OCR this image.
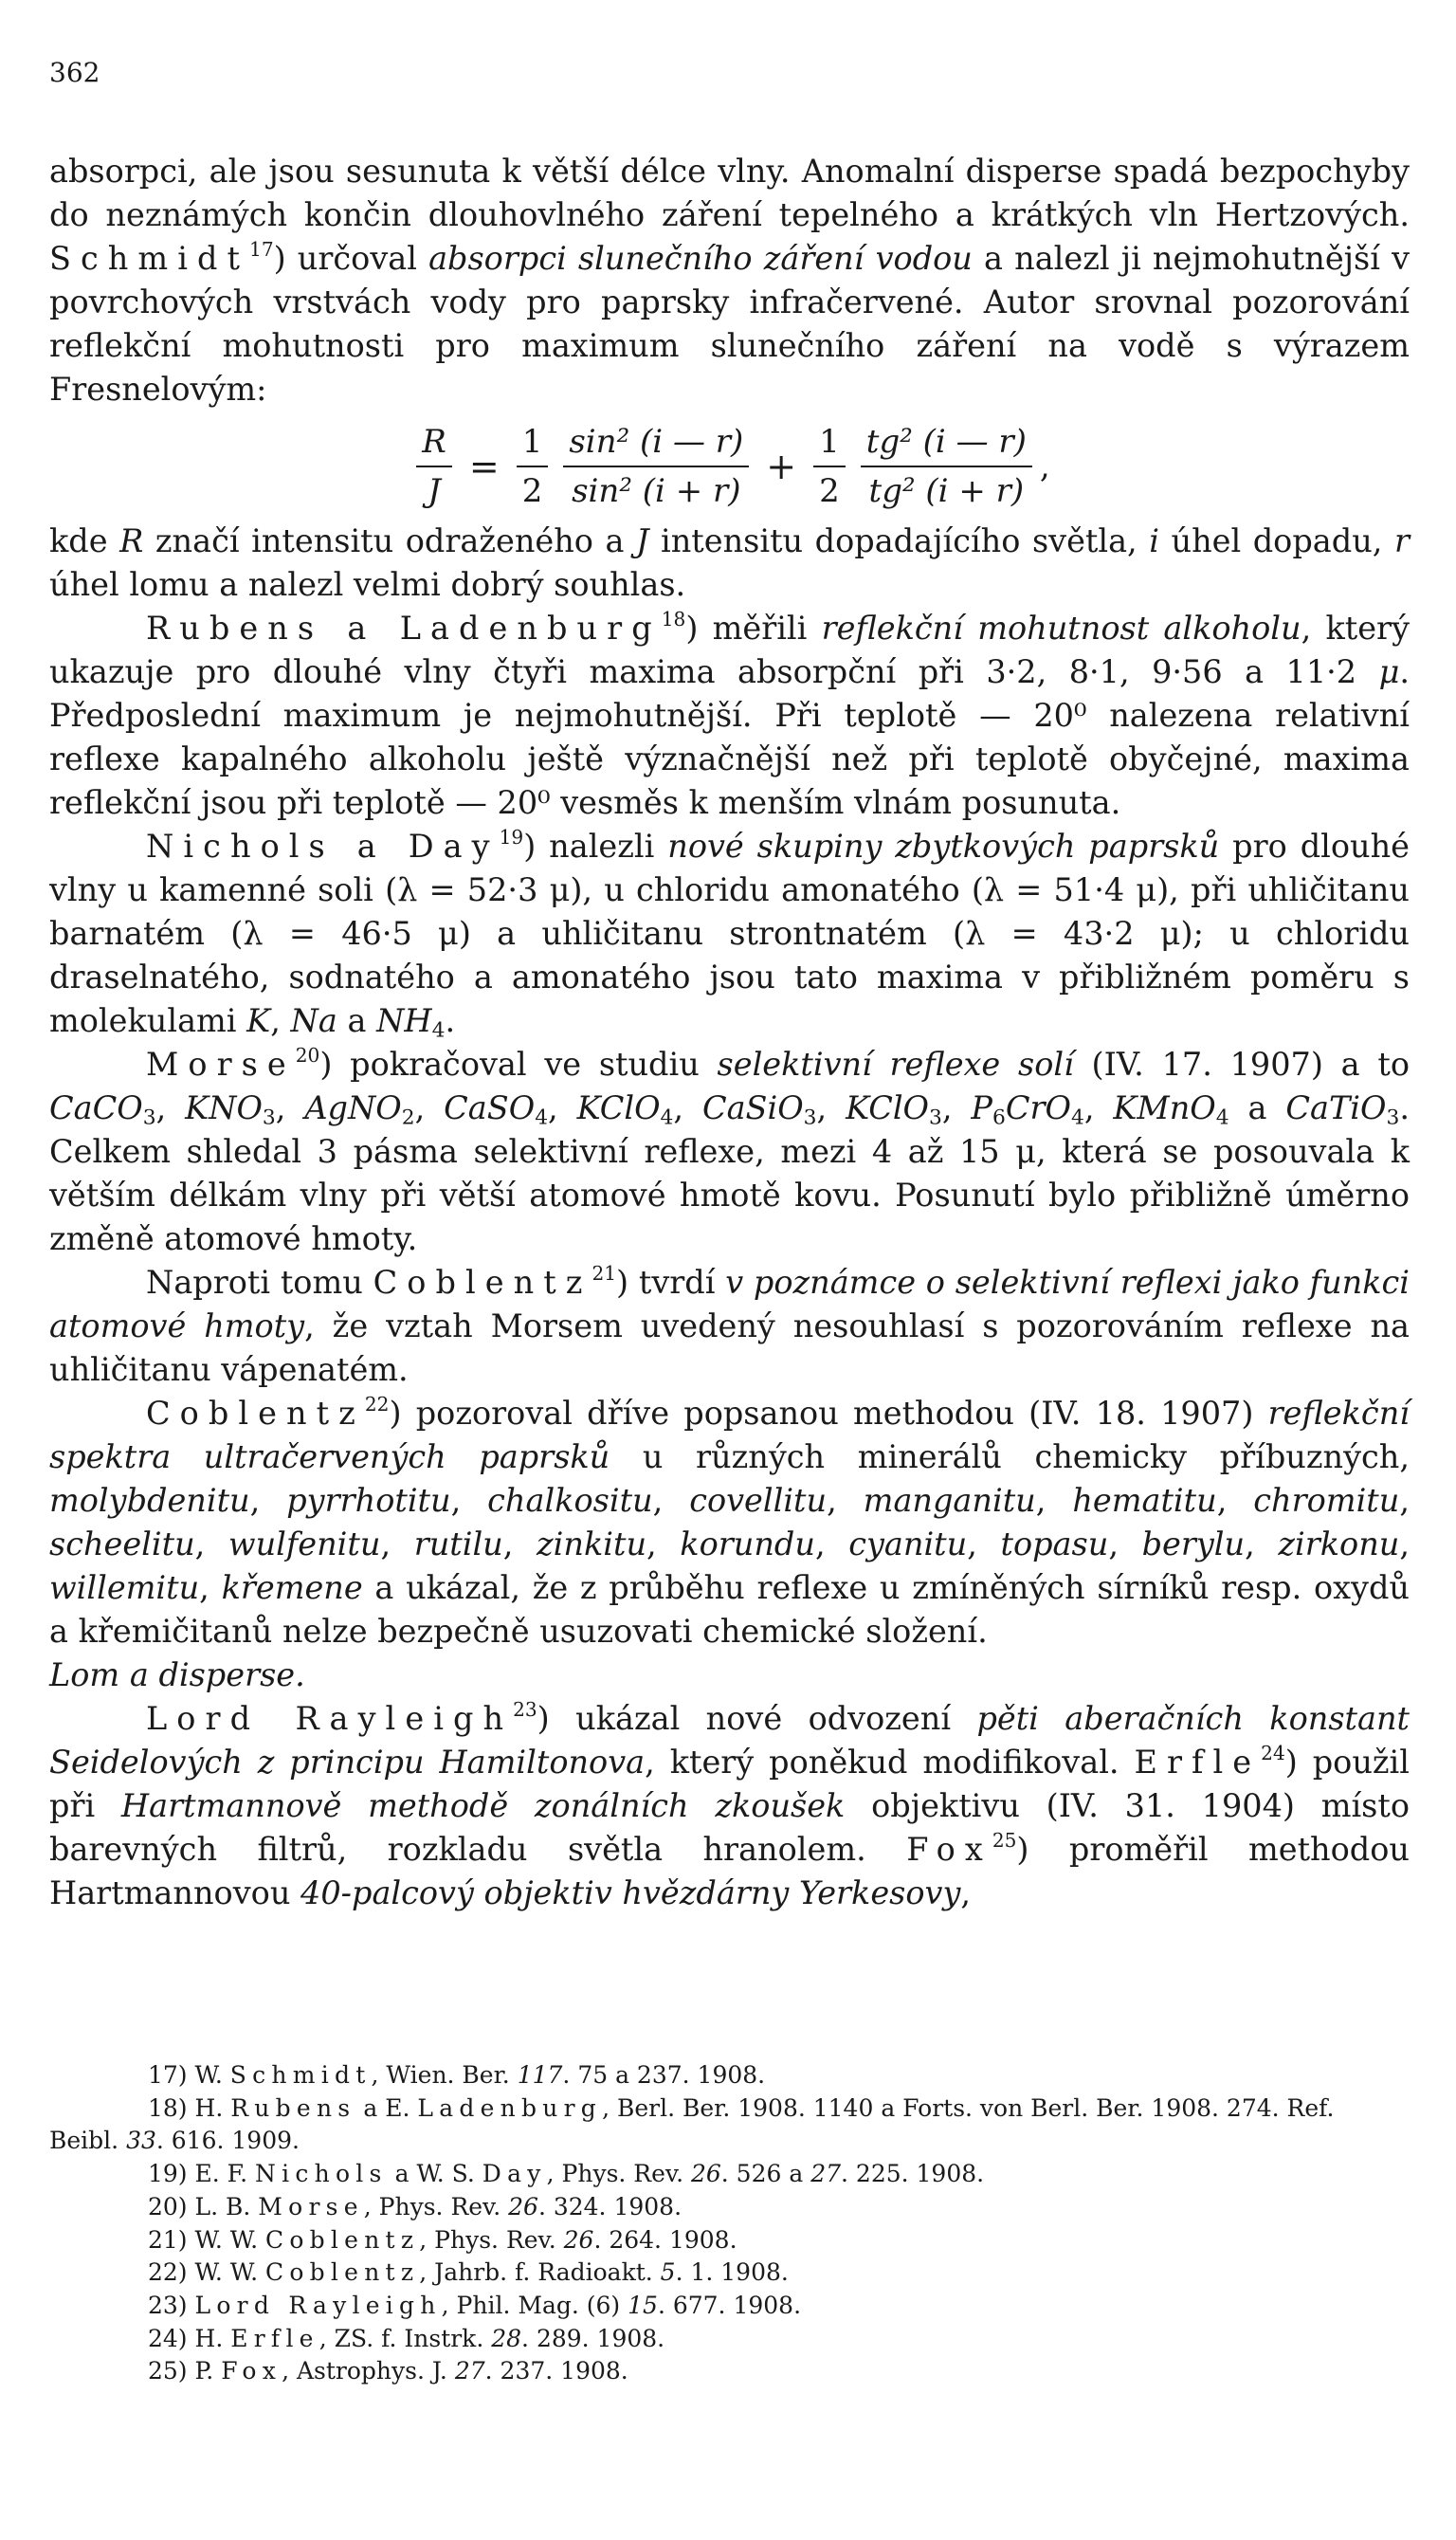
362

absorpci, ale jsou sesunuta k větší délce vlny. Anomalní disperse spadá bezpochyby do neznámých končin dlouhovlného záření tepelného a krátkých vln Hertzových. Schmidt$^{17}$) určoval absorpci slunečního záření vodou a nalezl ji nejmohutnější v povrchových vrstvách vody pro paprsky infračervené. Autor srovnal pozorování reflekční mohutnosti pro maximum slunečního záření na vodě s výrazem Fresnelovým:

$\frac{R}{J} = \frac{1}{2} \frac{\text{sin² (i — r)}}{\text{sin² (i + r)}} + \frac{1}{2} \frac{\text{tg² (i — r)}}{\text{tg² (i + r)}}$ ,

kde R značí intensitu odraženého a J intensitu dopadajícího světla, i úhel dopadu, r úhel lomu a nalezl velmi dobrý souhlas.

Rubens a Ladenburg$^{18}$) měřili reflekční mohutnost alkoholu, který ukazuje pro dlouhé vlny čtyři maxima absorpční při 3·2, 8·1, 9·56 a 11·2 μ. Předposlední maximum je nejmohutnější. Při teplotě — 20⁰ nalezena relativní reflexe kapalného alkoholu ještě význačnější než při teplotě obyčejné, maxima reflekční jsou při teplotě — 20⁰ vesměs k menším vlnám posunuta.

Nichols a Day$^{19}$) nalezli nové skupiny zbytkových paprsků pro dlouhé vlny u kamenné soli (λ = 52·3 μ), u chloridu amonatého (λ = 51·4 μ), při uhličitanu barnatém (λ = 46·5 μ) a uhličitanu strontnatém (λ = 43·2 μ); u chloridu draselnatého, sodnatého a amonatého jsou tato maxima v přibližném poměru s molekulami K, Na a $NH_4$.

Morse$^{20}$) pokračoval ve studiu selektivní reflexe solí (IV. 17. 1907) a to CaCO$_3$, $KNO_3$, AgNO$_2$, CaSO$_4$, KClO$_4$, CaSiO$_3$, KClO$_3$, $P_6CrO_4$, KMnO$_4$ a CaTiO$_3$. Celkem shledal 3 pásma selektivní reflexe, mezi 4 až 15 μ, která se posouvala k větším délkám vlny při větší atomové hmotě kovu. Posunutí bylo přibližně úměrno změně atomové hmoty.

Naproti tomu Coblentz$^{21}$) tvrdí v poznámce o selektivní reflexi jako funkci atomové hmoty, že vztah Morsem uvedený nesouhlasí s pozorováním reflexe na uhličitanu vápenatém.

Coblentz$^{22}$) pozoroval dříve popsanou methodou (IV. 18. 1907) reflekční spektra ultračervených paprsků u různých minerálů chemicky příbuzných, molybdenitu, pyrrhotitu, chalkositu, covellitu, manganitu, hematitu, chromitu, scheelitu, wulfenitu, rutilu, zinkitu, korundu, cyanitu, topasu, berylu, zirkonu, willemitu, křemene a ukázal, že z průběhu reflexe u zmíněných sírníků resp. oxydů a křemičitanů nelze bezpečně usuzovati chemické složení.

Lom a disperse.

Lord Rayleigh$^{23}$) ukázal nové odvození pěti aberačních konstant Seidelových z principu Hamiltonova, který poněkud modifikoval. Erfle$^{24}$) použil při Hartmannově methodě zonálních zkoušek objektivu (IV. 31. 1904) místo barevných filtrů, rozkladu světla hranolem. Fox$^{25}$) proměřil methodou Hartmannovou 40-palcový objektiv hvězdárny Yerkesovy,

17) W. Schmidt, Wien. Ber. 117. 75 a 237. 1908.

18) H. Rubens a E. Ladenburg, Berl. Ber. 1908. 1140 a Forts. von Berl. Ber. 1908. 274. Ref. Beibl. 33. 616. 1909.

19) E. F. Nichols a W. S. Day, Phys. Rev. 26. 526 a 27. 225. 1908.

20) L. B. Morse, Phys. Rev. 26. 324. 1908.

21) W. W. Coblentz, Phys. Rev. 26. 264. 1908.

22) W. W. Coblentz, Jahrb. f. Radioakt. 5. 1. 1908.

23) Lord Rayleigh, Phil. Mag. (6) 15. 677. 1908.

24) H. Erfle, ZS. f. Instrk. 28. 289. 1908.

25) P. Fox, Astrophys. J. 27. 237. 1908.
